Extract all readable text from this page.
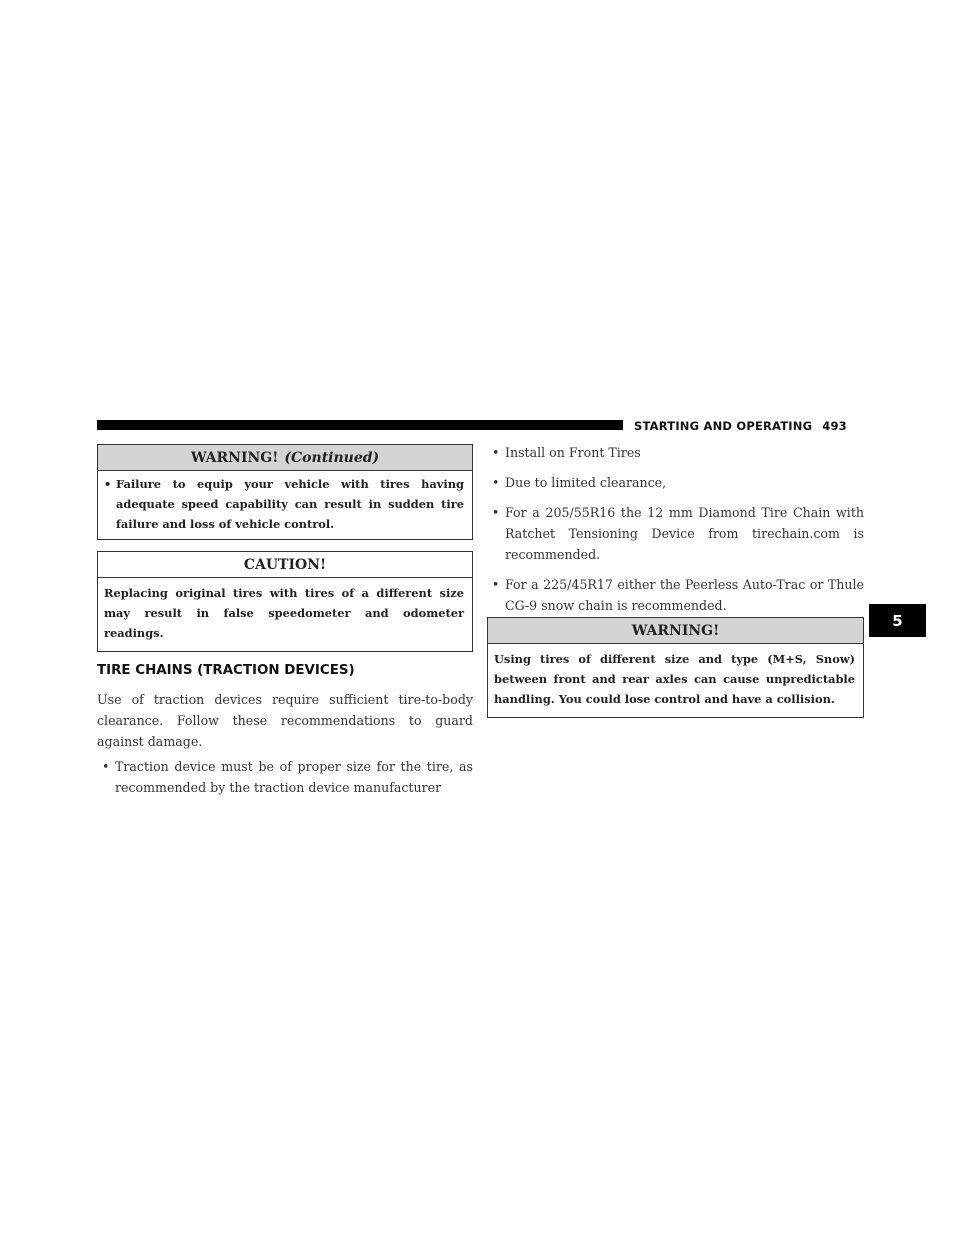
STARTING AND OPERATING 493
5
WARNING! (Continued)
• Failure to equip your vehicle with tires having adequate speed capability can result in sudden tire failure and loss of vehicle control.
CAUTION!
Replacing original tires with tires of a different size may result in false speedometer and odometer readings.
TIRE CHAINS (TRACTION DEVICES)
Use of traction devices require sufficient tire-to-body clearance. Follow these recommendations to guard against damage.
• Traction device must be of proper size for the tire, as recommended by the traction device manufacturer
• Install on Front Tires
• Due to limited clearance,
• For a 205/55R16 the 12 mm Diamond Tire Chain with Ratchet Tensioning Device from tirechain.com is recommended.
• For a 225/45R17 either the Peerless Auto-Trac or Thule CG-9 snow chain is recommended.
WARNING!
Using tires of different size and type (M+S, Snow) between front and rear axles can cause unpredictable handling. You could lose control and have a collision.
